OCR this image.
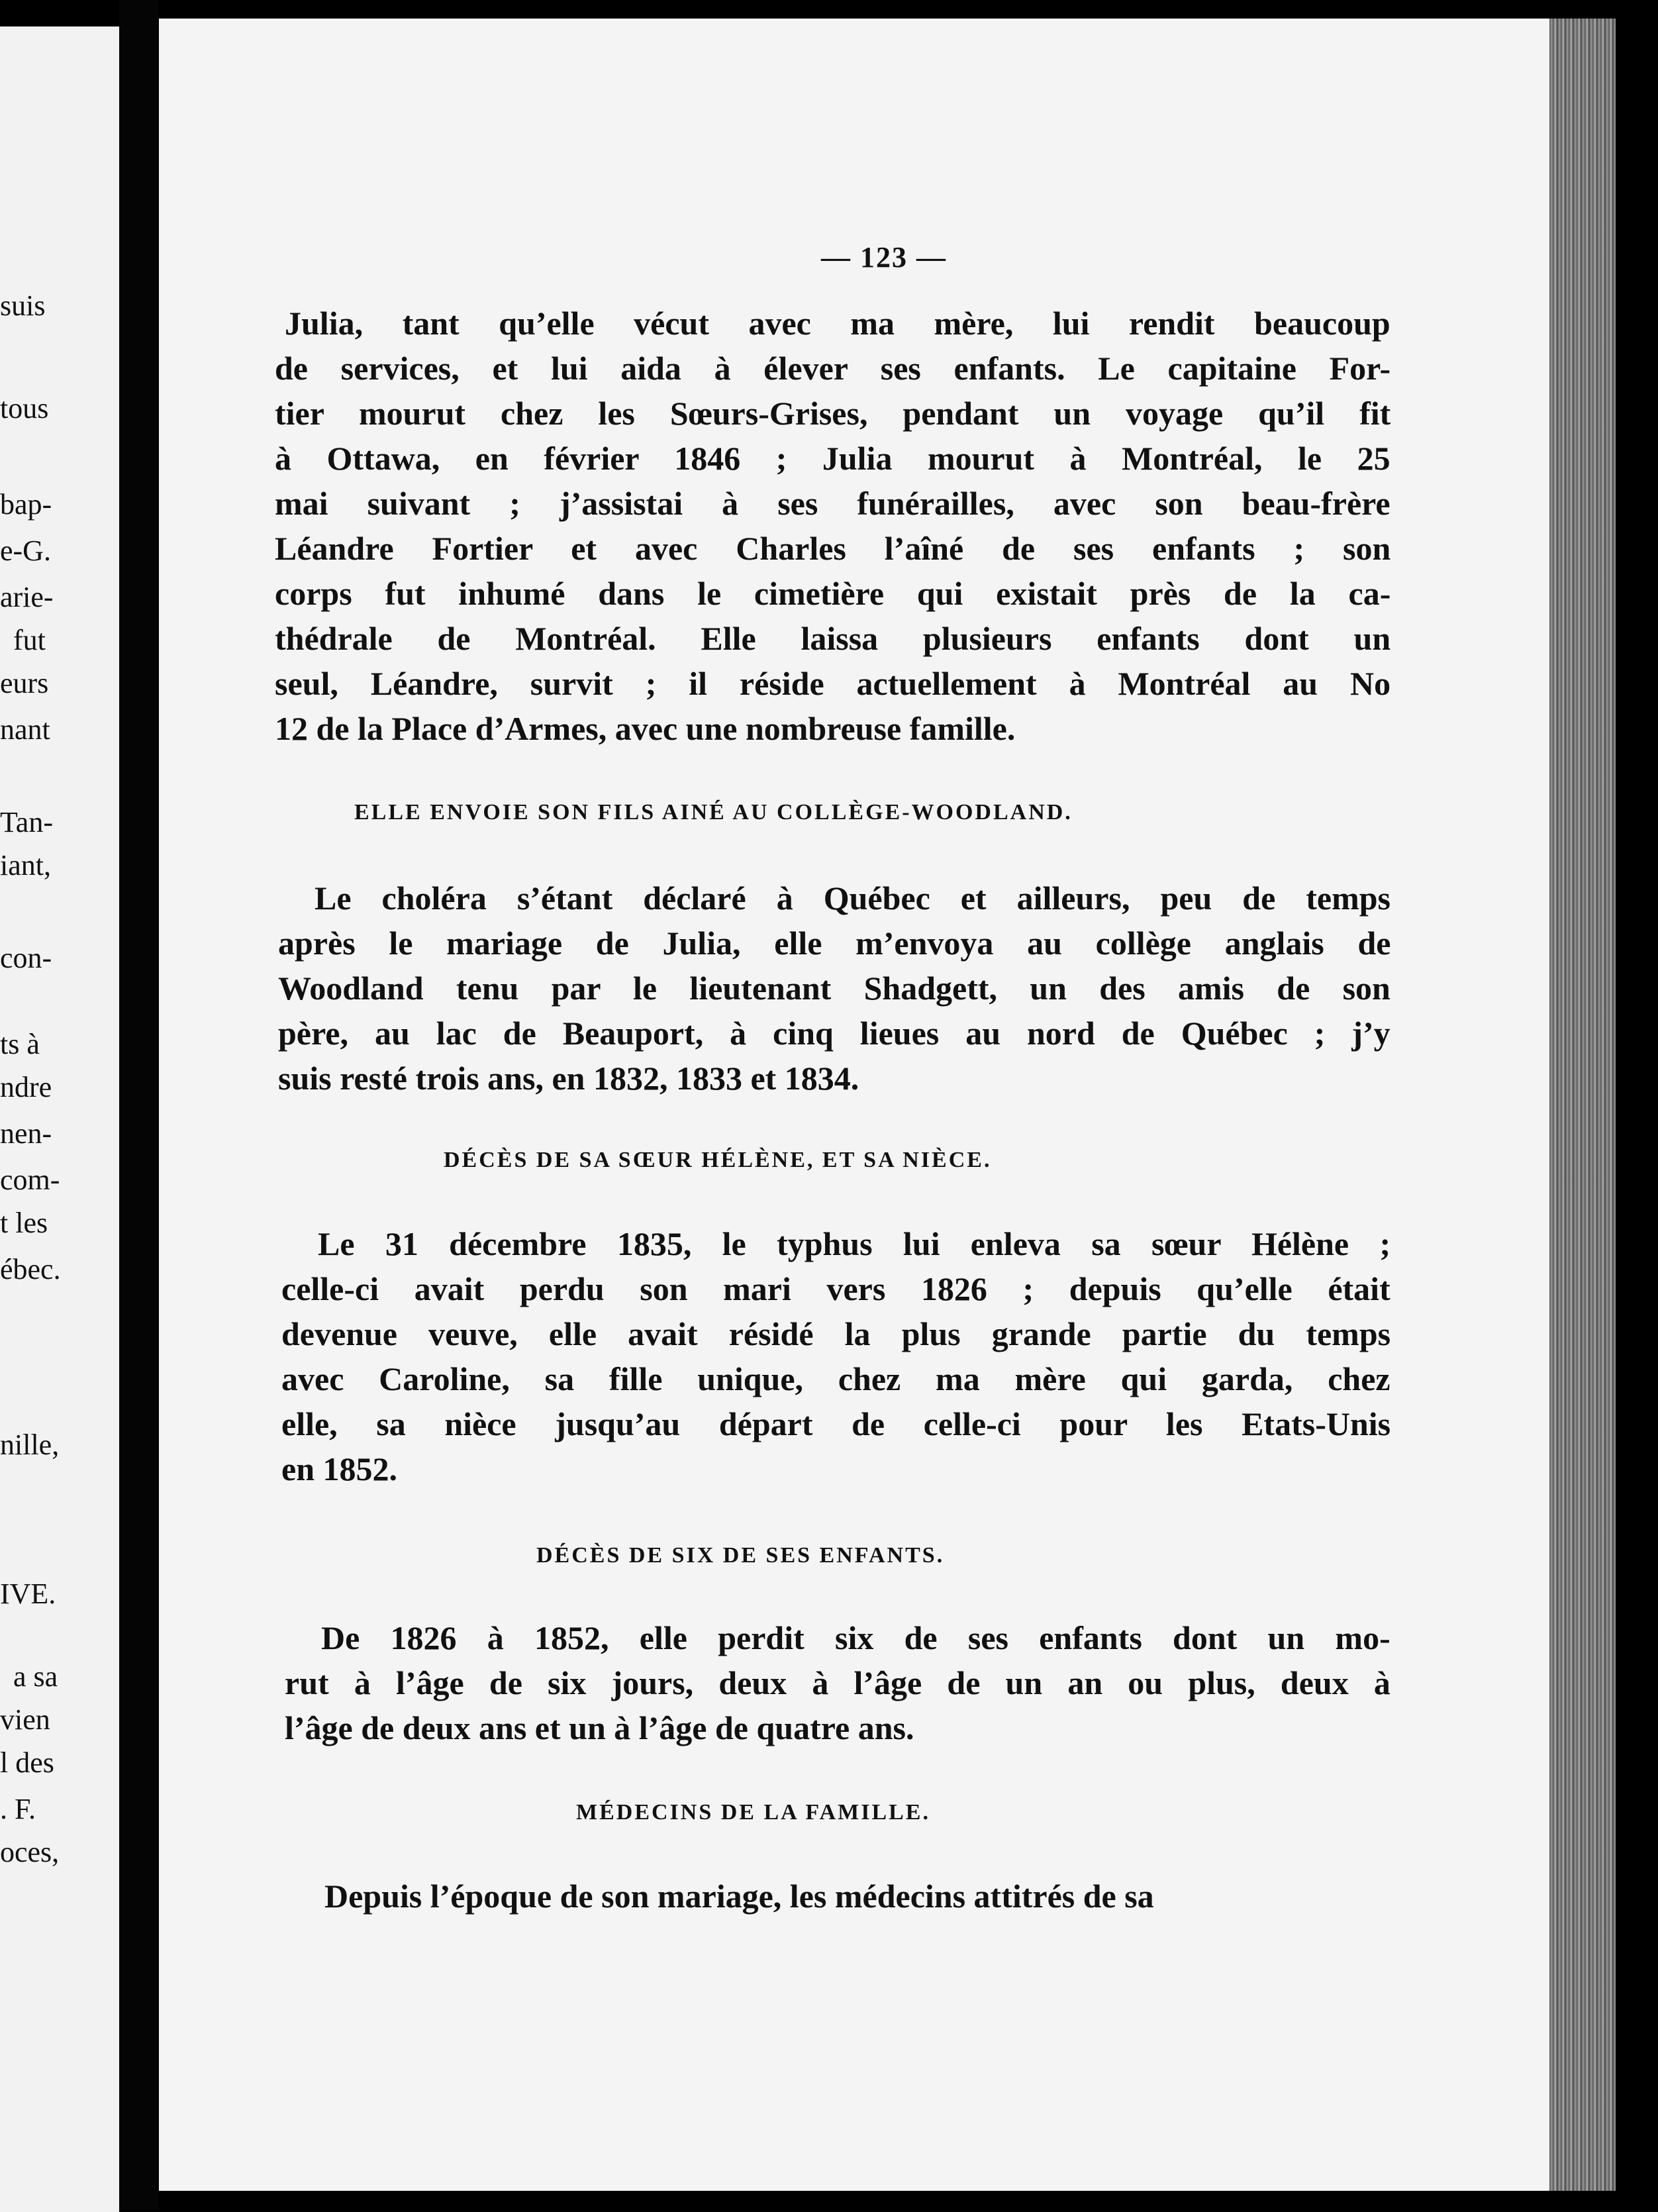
suis
tous
bap-
e-G.
arie-
fut
eurs
nant
Tan-
iant,
con-
ts à
ndre
nen-
com-
t les
ébec.
nille,
IVE.
a sa
vien
l des
. F.
oces,
— 123 —
Julia, tant qu’elle vécut avec ma mère, lui rendit beaucoup
de services, et lui aida à élever ses enfants. Le capitaine For-
tier mourut chez les Sœurs-Grises, pendant un voyage qu’il fit
à Ottawa, en février 1846 ; Julia mourut à Montréal, le 25
mai suivant ; j’assistai à ses funérailles, avec son beau-frère
Léandre Fortier et avec Charles l’aîné de ses enfants ; son
corps fut inhumé dans le cimetière qui existait près de la ca-
thédrale de Montréal. Elle laissa plusieurs enfants dont un
seul, Léandre, survit ; il réside actuellement à Montréal au No
12 de la Place d’Armes, avec une nombreuse famille.
ELLE ENVOIE SON FILS AINÉ AU COLLÈGE-WOODLAND.
Le choléra s’étant déclaré à Québec et ailleurs, peu de temps
après le mariage de Julia, elle m’envoya au collège anglais de
Woodland tenu par le lieutenant Shadgett, un des amis de son
père, au lac de Beauport, à cinq lieues au nord de Québec ; j’y
suis resté trois ans, en 1832, 1833 et 1834.
DÉCÈS DE SA SŒUR HÉLÈNE, ET SA NIÈCE.
Le 31 décembre 1835, le typhus lui enleva sa sœur Hélène ;
celle-ci avait perdu son mari vers 1826 ; depuis qu’elle était
devenue veuve, elle avait résidé la plus grande partie du temps
avec Caroline, sa fille unique, chez ma mère qui garda, chez
elle, sa nièce jusqu’au départ de celle-ci pour les Etats-Unis
en 1852.
DÉCÈS DE SIX DE SES ENFANTS.
De 1826 à 1852, elle perdit six de ses enfants dont un mo-
rut à l’âge de six jours, deux à l’âge de un an ou plus, deux à
l’âge de deux ans et un à l’âge de quatre ans.
MÉDECINS DE LA FAMILLE.
Depuis l’époque de son mariage, les médecins attitrés de sa
